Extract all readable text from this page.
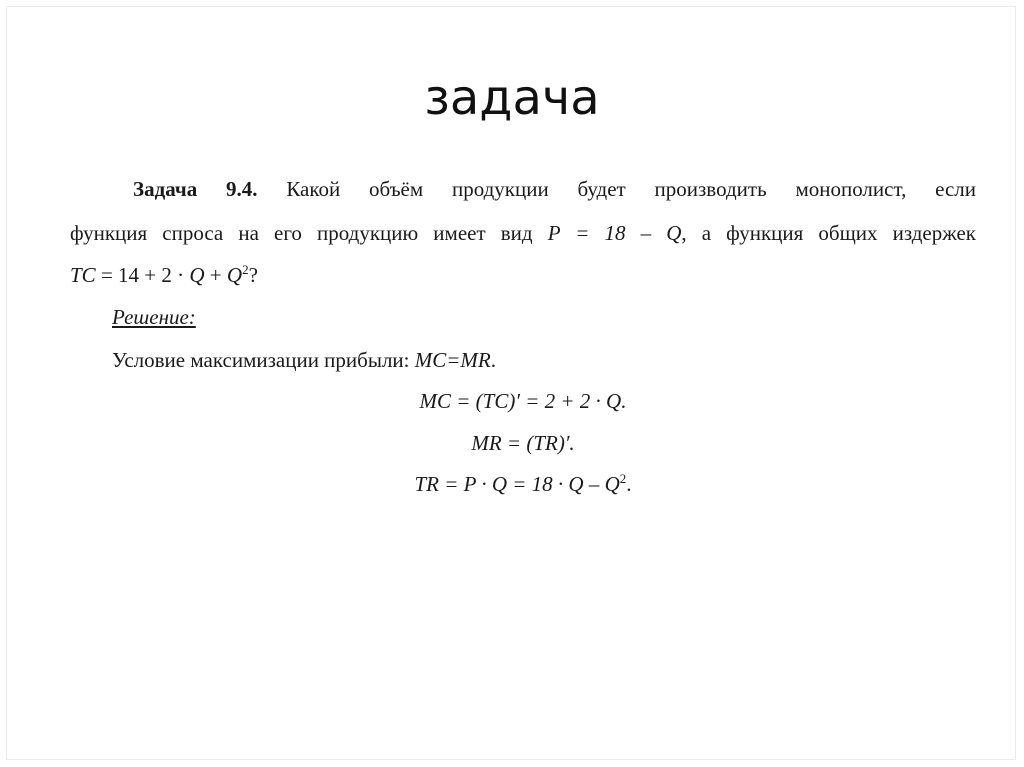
задача
Задача 9.4. Какой объём продукции будет производить монополист, если
функция спроса на его продукцию имеет вид P = 18 – Q, а функция общих издержек
TC = $14 + 2 \cdot Q + Q^2$?
Решение:
Условие максимизации прибыли: MC=MR.
MC = (TC)′ = 2 + 2 · Q.
MR = (TR)′.
TR = $P \cdot Q = 18 \cdot Q - Q^2$.
